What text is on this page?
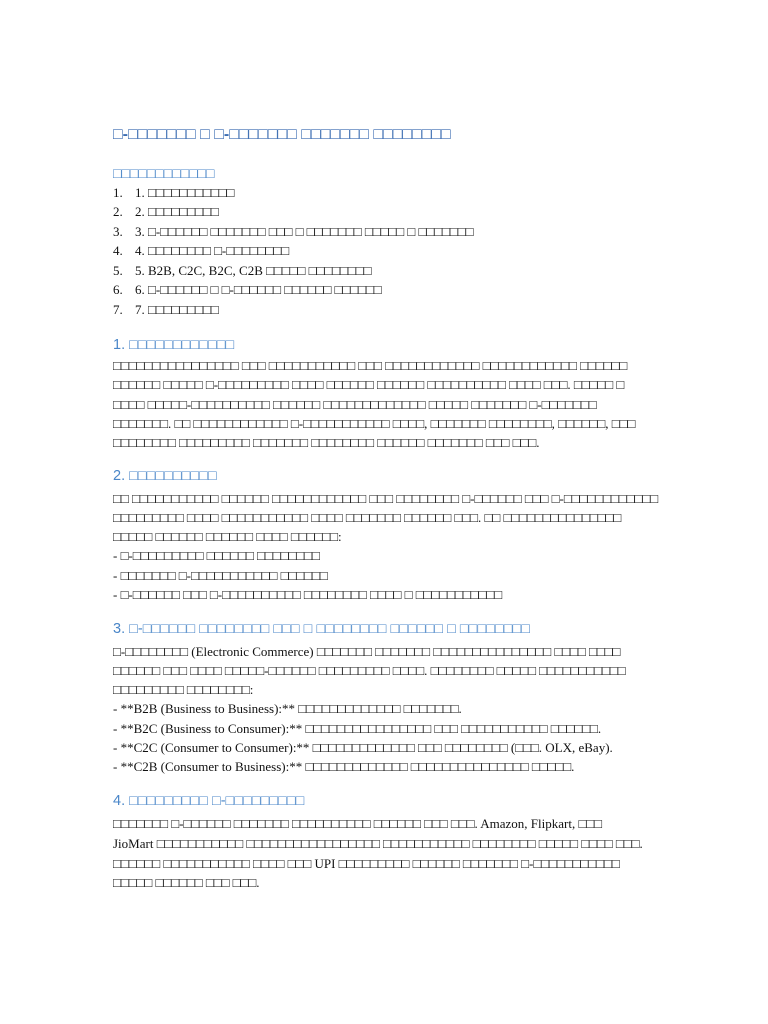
□-□□□□□□□ □ □-□□□□□□□ □□□□□□□ □□□□□□□□
□□□□□□□□□□□□
1. 1. □□□□□□□□□□□
2. 2. □□□□□□□□□
3. 3. □-□□□□□□ □□□□□□□ □□□ □ □□□□□□□ □□□□□ □ □□□□□□□
4. 4. □□□□□□□□ □-□□□□□□□□
5. 5. B2B, C2C, B2C, C2B □□□□□ □□□□□□□□
6. 6. □-□□□□□□ □ □-□□□□□□ □□□□□□ □□□□□□
7. 7. □□□□□□□□□
1. □□□□□□□□□□□□
□□□□□□□□□□□□□□□□ □□□ □□□□□□□□□□□ □□□ □□□□□□□□□□□□ □□□□□□□□□□□□ □□□□□□
□□□□□□ □□□□□ □-□□□□□□□□□ □□□□ □□□□□□ □□□□□□ □□□□□□□□□□ □□□□ □□□. □□□□□ □
□□□□ □□□□□-□□□□□□□□□□ □□□□□□ □□□□□□□□□□□□□ □□□□□ □□□□□□□ □-□□□□□□□
□□□□□□□. □□ □□□□□□□□□□□□ □-□□□□□□□□□□□ □□□□, □□□□□□□ □□□□□□□□, □□□□□□, □□□
□□□□□□□□ □□□□□□□□□ □□□□□□□ □□□□□□□□ □□□□□□ □□□□□□□ □□□ □□□.
2. □□□□□□□□□□
□□ □□□□□□□□□□□ □□□□□□ □□□□□□□□□□□□ □□□ □□□□□□□□ □-□□□□□□ □□□ □-□□□□□□□□□□□□
□□□□□□□□□ □□□□ □□□□□□□□□□□ □□□□ □□□□□□□ □□□□□□ □□□. □□ □□□□□□□□□□□□□□□
□□□□□ □□□□□□ □□□□□□ □□□□ □□□□□□:
- □-□□□□□□□□□ □□□□□□ □□□□□□□□
- □□□□□□□ □-□□□□□□□□□□□ □□□□□□
- □-□□□□□□ □□□ □-□□□□□□□□□□ □□□□□□□□ □□□□ □ □□□□□□□□□□□
3. □-□□□□□□ □□□□□□□□ □□□ □ □□□□□□□□ □□□□□□ □ □□□□□□□□
□-□□□□□□□□ (Electronic Commerce) □□□□□□□ □□□□□□□ □□□□□□□□□□□□□□□ □□□□ □□□□
□□□□□□ □□□ □□□□ □□□□□-□□□□□□ □□□□□□□□□ □□□□. □□□□□□□□ □□□□□ □□□□□□□□□□□
□□□□□□□□□ □□□□□□□□:
- **B2B (Business to Business):** □□□□□□□□□□□□□ □□□□□□□.
- **B2C (Business to Consumer):** □□□□□□□□□□□□□□□□ □□□ □□□□□□□□□□□ □□□□□□.
- **C2C (Consumer to Consumer):** □□□□□□□□□□□□□ □□□ □□□□□□□□ (□□□. OLX, eBay).
- **C2B (Consumer to Business):** □□□□□□□□□□□□□ □□□□□□□□□□□□□□□ □□□□□.
4. □□□□□□□□□ □-□□□□□□□□□
□□□□□□□ □-□□□□□□ □□□□□□□ □□□□□□□□□□ □□□□□□ □□□ □□□. Amazon, Flipkart, □□□
JioMart □□□□□□□□□□□ □□□□□□□□□□□□□□□□□ □□□□□□□□□□□ □□□□□□□□ □□□□□ □□□□ □□□.
□□□□□□ □□□□□□□□□□□ □□□□ □□□ UPI □□□□□□□□□ □□□□□□ □□□□□□□ □-□□□□□□□□□□□
□□□□□ □□□□□□ □□□ □□□.
